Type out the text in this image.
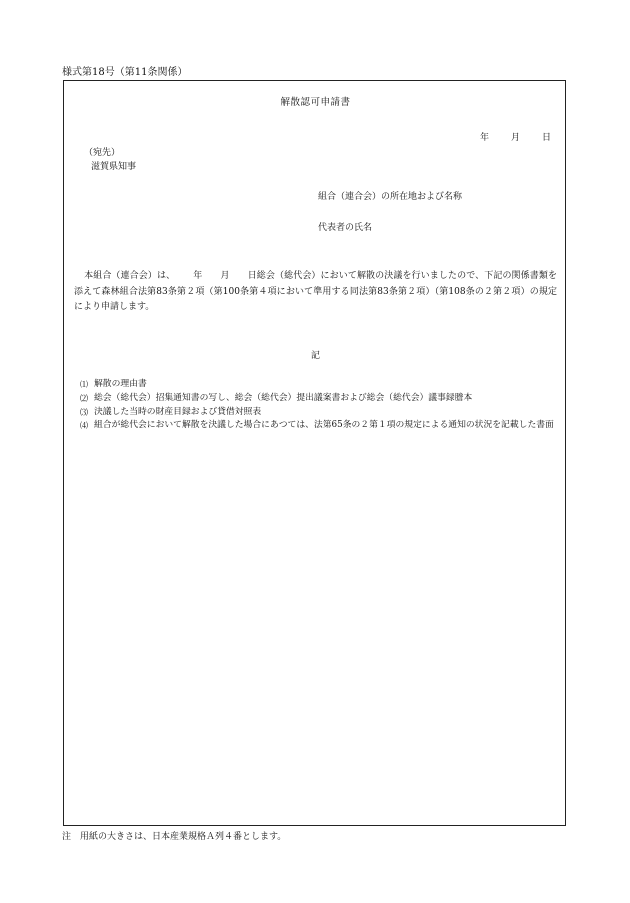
様式第18号（第11条関係）
解散認可申請書
年 月 日
（宛先）
滋賀県知事
組合（連合会）の所在地および名称
代表者の氏名
本組合（連合会）は、 年 月 日総会（総代会）において解散の決議を行いましたので、下記の関係書類を添えて森林組合法第83条第２項（第100条第４項において準用する同法第83条第２項）（第108条の２第２項）の規定により申請します。
記
⑴ 解散の理由書
⑵ 総会（総代会）招集通知書の写し、総会（総代会）提出議案書および総会（総代会）議事録謄本
⑶ 決議した当時の財産目録および貸借対照表
⑷ 組合が総代会において解散を決議した場合にあつては、法第65条の２第１項の規定による通知の状況を記載した書面
注 用紙の大きさは、日本産業規格Ａ列４番とします。
